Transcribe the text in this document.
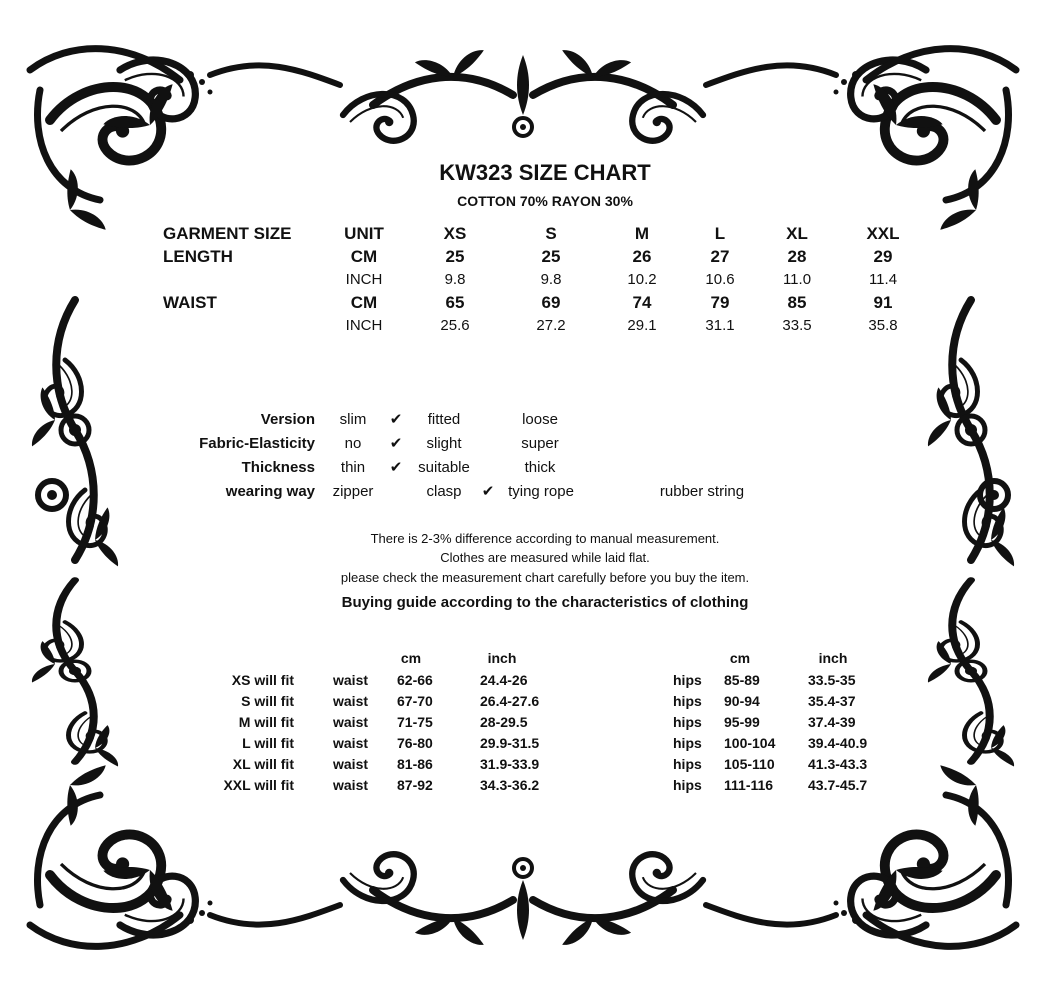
KW323 SIZE CHART
COTTON 70% RAYON 30%
GARMENT SIZE	UNIT	XS	S	M	L	XL	XXL
LENGTH	CM	25	25	26	27	28	29
INCH	9.8	9.8	10.2	10.6	11.0	11.4
WAIST	CM	65	69	74	79	85	91
INCH	25.6	27.2	29.1	31.1	33.5	35.8
Version slim ✔ fitted	loose
Fabric-Elasticity no ✔ slight	super
Thickness thin ✔ suitable	thick
wearing way zipper	clasp ✔ tying rope	rubber string
There is 2-3% difference according to manual measurement.
Clothes are measured while laid flat.
please check the measurement chart carefully before you buy the item.
Buying guide according to the characteristics of clothing
cm	inch	cm	inch
XS will fit	waist 62-66	24.4-26	hips 85-89	33.5-35
S will fit	waist 67-70	26.4-27.6	hips 90-94	35.4-37
M will fit	waist 71-75	28-29.5	hips 95-99	37.4-39
L will fit	waist 76-80	29.9-31.5	hips 100-104 39.4-40.9
XL will fit	waist 81-86	31.9-33.9	hips 105-110 41.3-43.3
XXL will fit	waist 87-92	34.3-36.2	hips 111-116 43.7-45.7
